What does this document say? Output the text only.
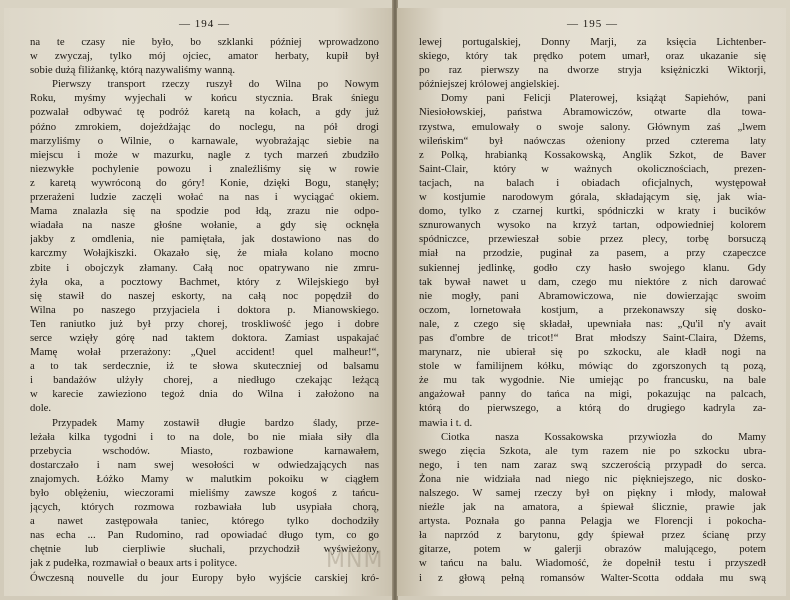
— 194 —
na te czasy nie było, bo szklanki później wprowadzono
w zwyczaj, tylko mój ojciec, amator herbaty, kupił był
sobie dużą filiżankę, którą nazywaliśmy wanną.
Pierwszy transport rzeczy ruszył do Wilna po Nowym
Roku, myśmy wyjechali w końcu stycznia. Brak śniegu
pozwalał odbywać tę podróż karetą na kołach, a gdy już
późno zmrokiem, dojeżdżając do noclegu, na pół drogi
marzyliśmy o Wilnie, o karnawale, wyobrażając siebie na
miejscu i może w mazurku, nagle z tych marzeń zbudziło
niezwykłe pochylenie powozu i znaleźliśmy się w rowie
z karetą wywróconą do góry! Konie, dzięki Bogu, stanęły;
przerażeni ludzie zaczęli wołać na nas i wyciągać okiem.
Mama znalazła się na spodzie pod łdą, zrazu nie odpo-
wiadała na nasze głośne wołanie, a gdy się ocknęła
jakby z omdlenia, nie pamiętała, jak dostawiono nas do
karczmy Wołajkiszki. Okazało się, że miała kolano mocno
zbite i obojczyk złamany. Całą noc opatrywano nie zmru-
żyła oka, a pocztowy Bachmet, który z Wilejskiego był
się stawił do naszej eskorty, na całą noc popędził do
Wilna po naszego przyjaciela i doktora p. Mianowskiego.
Ten raniutko już był przy chorej, troskliwość jego i dobre
serce wzięły górę nad taktem doktora. Zamiast uspakajać
Mamę wołał przerażony: „Quel accident! quel malheur!“,
a to tak serdecznie, iż te słowa skuteczniej od balsamu
i bandażów ulżyły chorej, a niedługo czekając leżącą
w karecie zawieziono tegoż dnia do Wilna i założono na
dole.
Przypadek Mamy zostawił długie bardzo ślady, prze-
leżała kilka tygodni i to na dole, bo nie miała siły dla
przebycia wschodów. Miasto, rozbawione karnawałem,
dostarczało i nam swej wesołości w odwiedzających nas
znajomych. Łóżko Mamy w malutkim pokoiku w ciągłem
było oblężeniu, wieczorami mieliśmy zawsze kogoś z tańcu-
jących, których rozmowa rozbawiała lub usypiała chorą,
a nawet zastępowała taniec, którego tylko dochodziły
nas echa ... Pan Rudomino, rad opowiadać długo tym, co go
chętnie lub cierpliwie słuchali, przychodził wyświeżony,
jak z pudełka, rozmawiał o beaux arts i polityce.
Ówczesną nouvelle du jour Europy było wyjście carskiej kró-
— 195 —
lewej portugalskiej, Donny Marji, za księcia Lichtenber-
skiego, który tak prędko potem umarł, oraz ukazanie się
po raz pierwszy na dworze stryja księżniczki Wiktorji,
późniejszej królowej angielskiej.
Domy pani Felicji Platerowej, książąt Sapiehów, pani
Niesiołowskiej, państwa Abramowiczów, otwarte dla towa-
rzystwa, emulowały o swoje salony. Głównym zaś „lwem
wileńskim“ był naówczas ożeniony przed czterema laty
z Polką, hrabianką Kossakowską, Anglik Szkot, de Baver
Saint-Clair, który w ważnych okolicznościach, prezen-
tacjach, na balach i obiadach oficjalnych, występował
w kostjumie narodowym górala, składającym się, jak wia-
domo, tylko z czarnej kurtki, spódniczki w kraty i bucików
sznurowanych wysoko na krzyż tartan, odpowiedniej kolorem
spódniczce, przewieszał sobie przez plecy, torbę borsuczą
miał na przodzie, puginał za pasem, a przy czapeczce
sukiennej jedlinkę, godło czy hasło swojego klanu. Gdy
tak bywał nawet u dam, czego mu niektóre z nich darować
nie mogły, pani Abramowiczowa, nie dowierzając swoim
oczom, lornetowała kostjum, a przekonawszy się dosko-
nale, z czego się składał, upewniała nas: „Qu'il n'y avait
pas d'ombre de tricot!“ Brat młodszy Saint-Claira, Dżems,
marynarz, nie ubierał się po szkocku, ale kładł nogi na
stole w familijnem kółku, mówiąc do zgorszonych tą pozą,
że mu tak wygodnie. Nie umiejąc po francusku, na bale
angażował panny do tańca na migi, pokazując na palcach,
którą do pierwszego, a którą do drugiego kadryla za-
mawia i t. d.
Ciotka nasza Kossakowska przywiozła do Mamy
swego zięcia Szkota, ale tym razem nie po szkocku ubra-
nego, i ten nam zaraz swą szczerością przypadł do serca.
Żona nie widziała nad niego nic piękniejszego, nic dosko-
nalszego. W samej rzeczy był on piękny i młody, malował
nieźle jak na amatora, a śpiewał ślicznie, prawie jak
artysta. Poznała go panna Pelagja we Florencji i pokocha-
ła naprzód z barytonu, gdy śpiewał przez ścianę przy
gitarze, potem w galerji obrazów malującego, potem
w tańcu na balu. Wiadomość, że dopełnił testu i przyszedł
i z głową pełną romansów Walter-Scotta oddała mu swą
MNM
